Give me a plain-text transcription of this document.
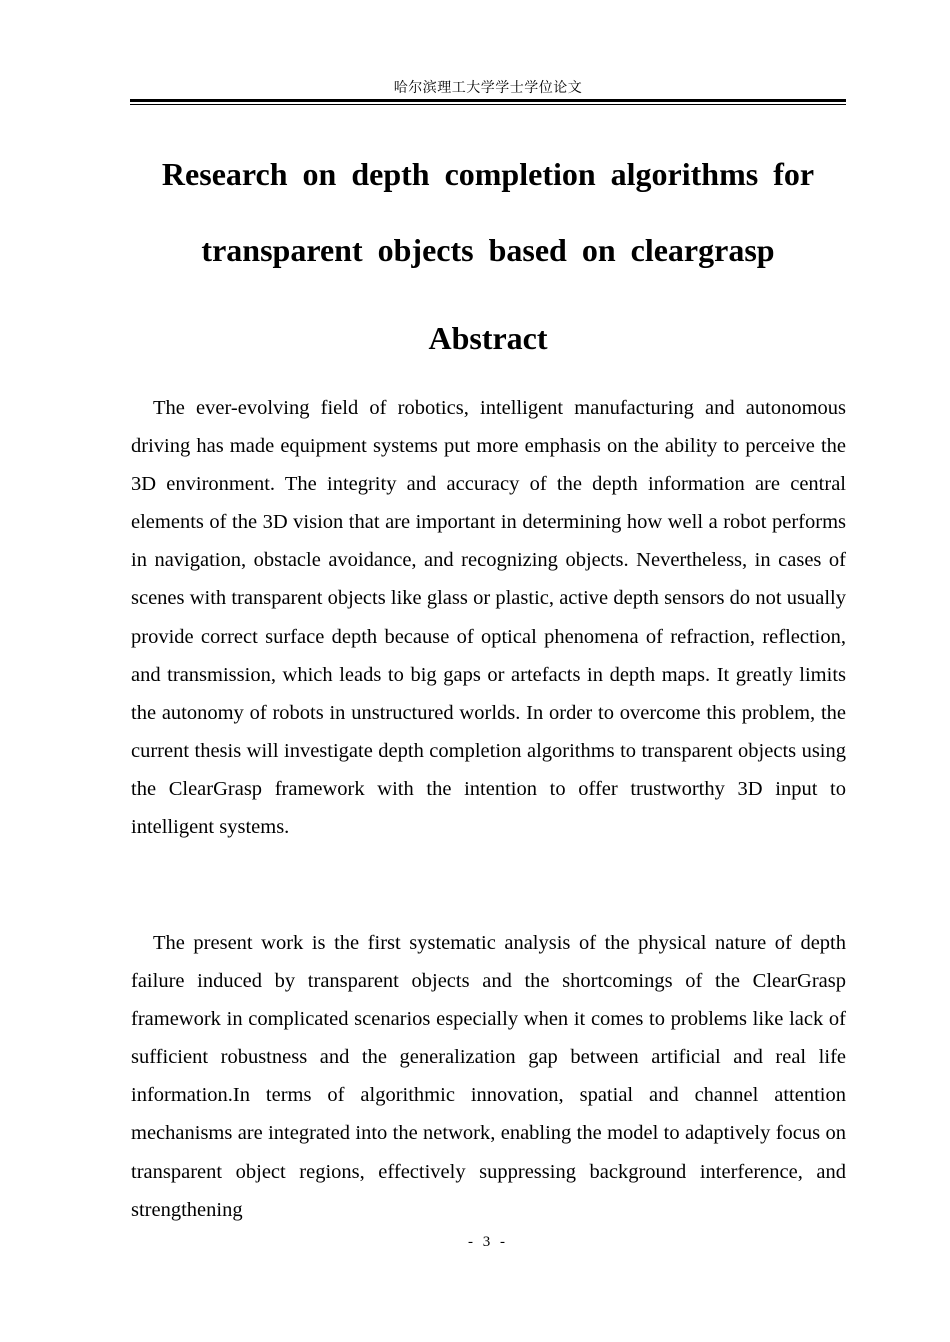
哈尔滨理工大学学士学位论文
Research on depth completion algorithms for
transparent objects based on cleargrasp
Abstract

The ever-evolving field of robotics, intelligent manufacturing and autonomous driving has made equipment systems put more emphasis on the ability to perceive the 3D environment. The integrity and accuracy of the depth information are central elements of the 3D vision that are important in determining how well a robot performs in navigation, obstacle avoidance, and recognizing objects. Nevertheless, in cases of scenes with transparent objects like glass or plastic, active depth sensors do not usually provide correct surface depth because of optical phenomena of refraction, reflection, and transmission, which leads to big gaps or artefacts in depth maps. It greatly limits the autonomy of robots in unstructured worlds. In order to overcome this problem, the current thesis will investigate depth completion algorithms to transparent objects using the ClearGrasp framework with the intention to offer trustworthy 3D input to intelligent systems.

The present work is the first systematic analysis of the physical nature of depth failure induced by transparent objects and the shortcomings of the ClearGrasp framework in complicated scenarios especially when it comes to problems like lack of sufficient robustness and the generalization gap between artificial and real life information.In terms of algorithmic innovation, spatial and channel attention mechanisms are integrated into the network, enabling the model to adaptively focus on transparent object regions, effectively suppressing background interference, and strengthening

- 3 -
